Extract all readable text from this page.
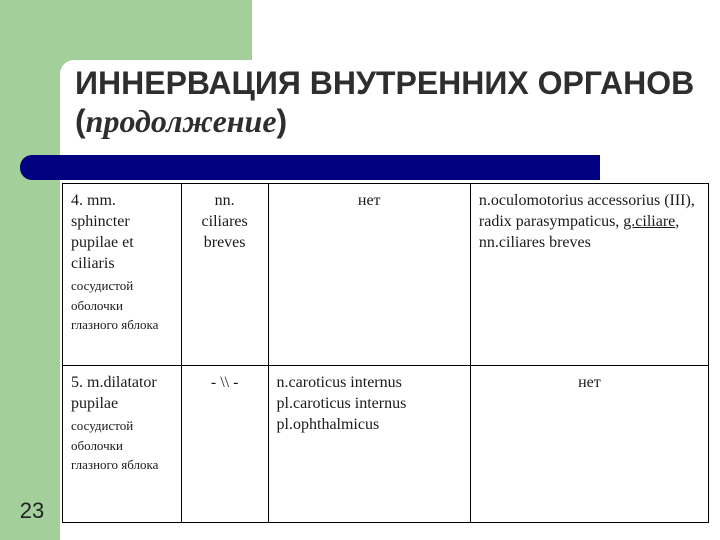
ИННЕРВАЦИЯ ВНУТРЕННИХ ОРГАНОВ (продолжение)
23
4. mm. sphincter pupilae et ciliaris
сосудистой оболочки глазного яблока	nn. ciliares breves	нет	n.oculomotorius accessorius (III), radix parasympaticus, g.ciliare, nn.ciliares breves
5. m.dilatator pupilae
сосудистой оболочки глазного яблока	- \\ -	n.caroticus internus pl.caroticus internus pl.ophthalmicus	нет
